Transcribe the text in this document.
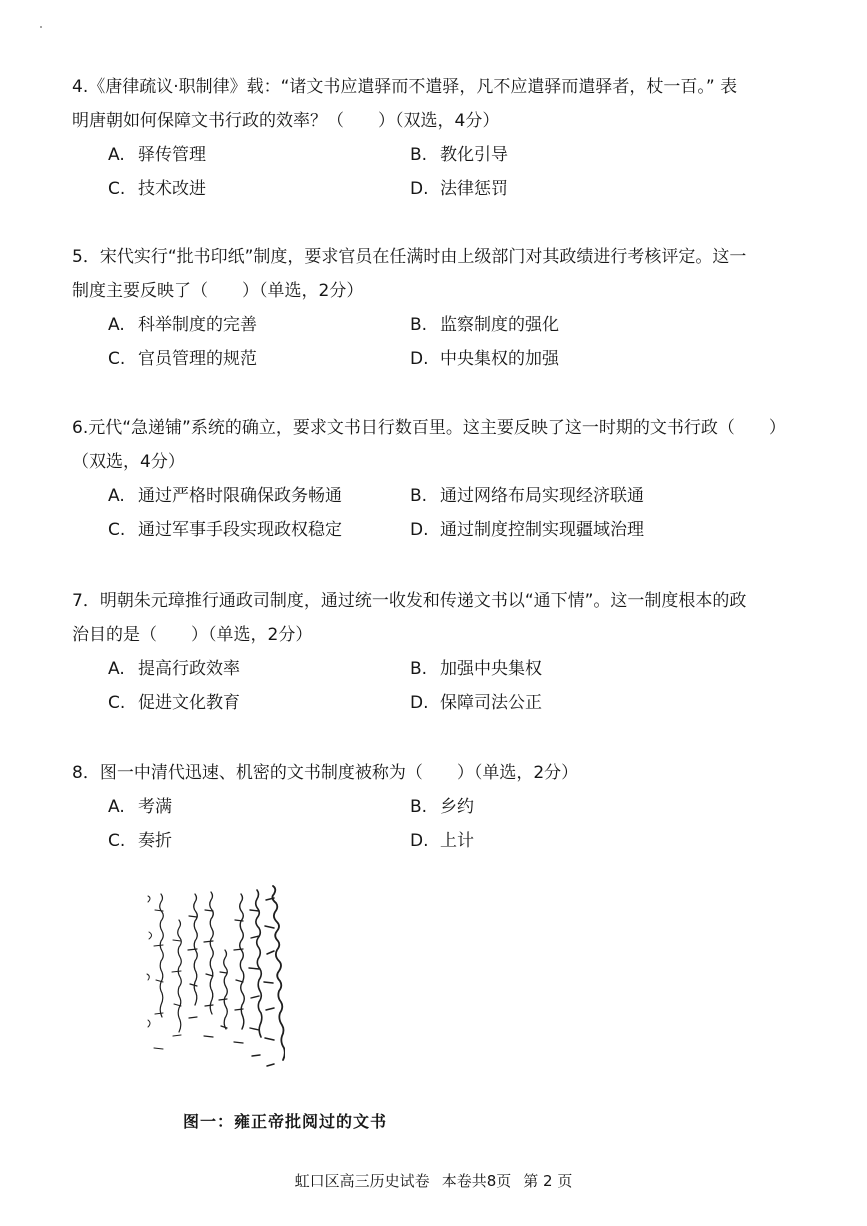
4.《唐律疏议·职制律》载：“诸文书应遣驿而不遣驿，凡不应遣驿而遣驿者，杖一百。” 表
明唐朝如何保障文书行政的效率？（　　）（双选，4分）
A. 驿传管理	B. 教化引导
C. 技术改进	D. 法律惩罚
5．宋代实行“批书印纸”制度，要求官员在任满时由上级部门对其政绩进行考核评定。这一
制度主要反映了（　　）（单选，2分）
A. 科举制度的完善	B. 监察制度的强化
C. 官员管理的规范	D. 中央集权的加强
6.元代“急递铺”系统的确立，要求文书日行数百里。这主要反映了这一时期的文书行政（　　）
（双选，4分）
A. 通过严格时限确保政务畅通	B. 通过网络布局实现经济联通
C. 通过军事手段实现政权稳定	D. 通过制度控制实现疆域治理
7．明朝朱元璋推行通政司制度，通过统一收发和传递文书以“通下情”。这一制度根本的政
治目的是（　　）（单选，2分）
A. 提高行政效率	B. 加强中央集权
C. 促进文化教育	D. 保障司法公正
8．图一中清代迅速、机密的文书制度被称为（　　）（单选，2分）
A. 考满	B. 乡约
C. 奏折	D. 上计
图一：雍正帝批阅过的文书
虹口区高三历史试卷 本卷共8页 第 2 页
